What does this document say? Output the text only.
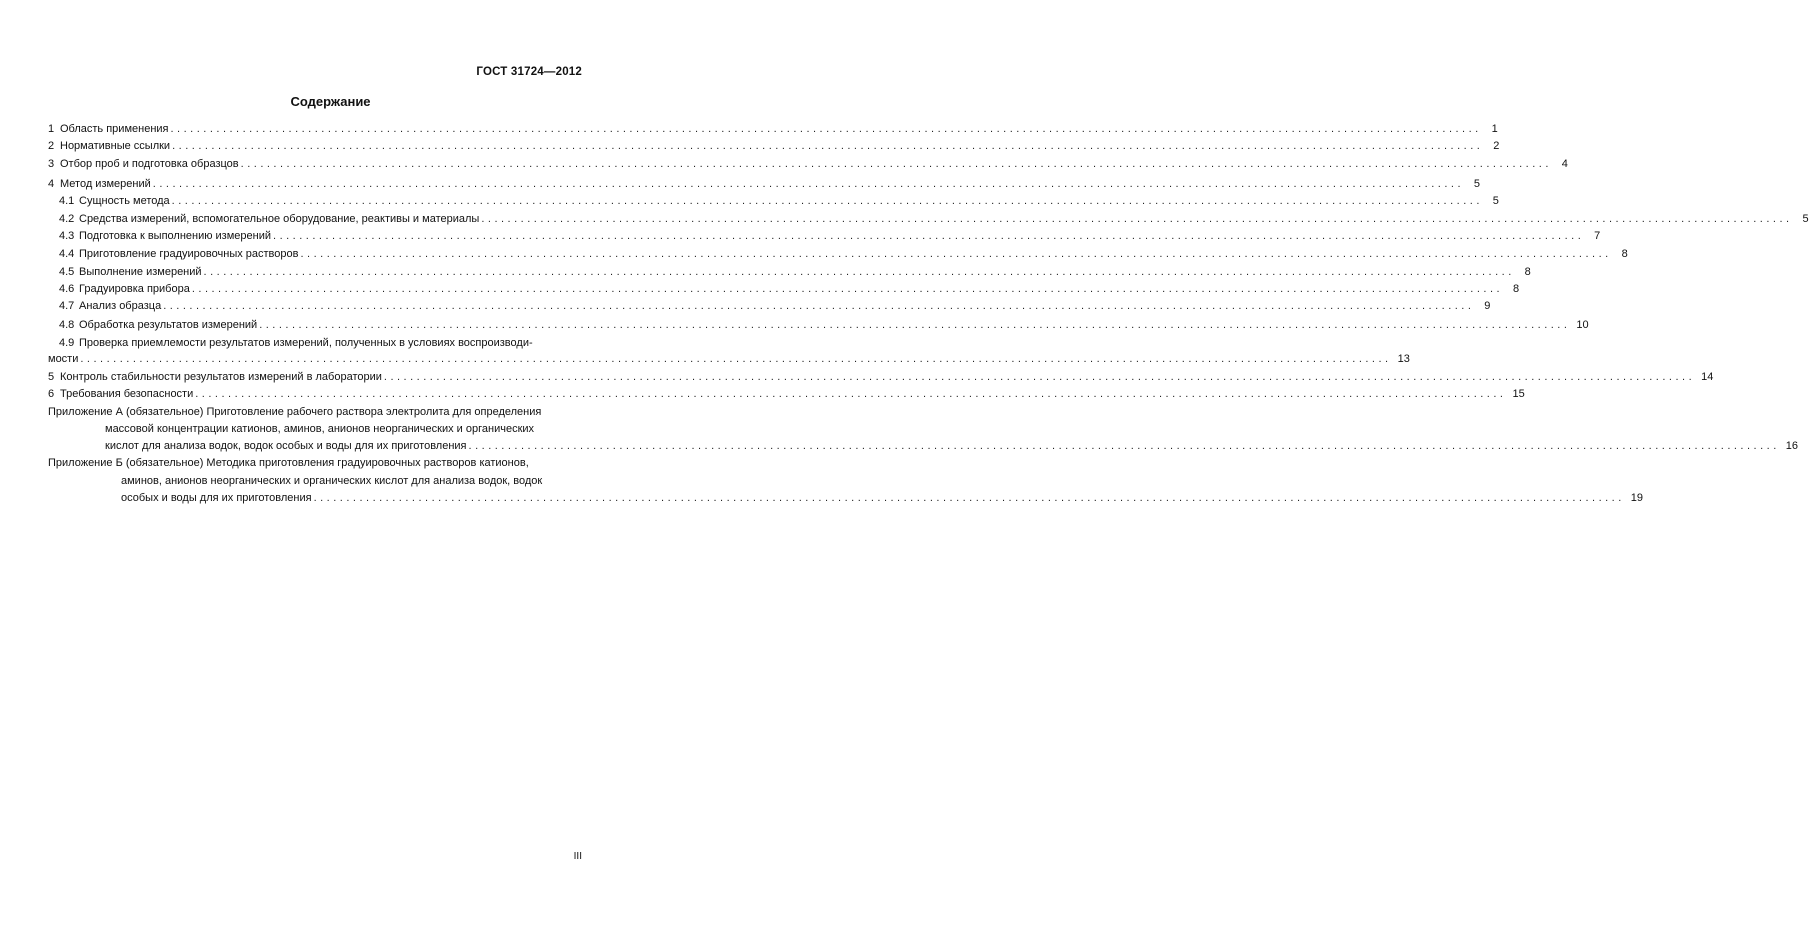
ГОСТ 31724—2012
Содержание
1 Область применения ........................................................................................................................................................................................................ 1
2 Нормативные ссылки ........................................................................................................................................................................................................ 2
3 Отбор проб и подготовка образцов ........................................................................................................................................................................................................ 4
4 Метод измерений ........................................................................................................................................................................................................ 5
4.1 Сущность метода ........................................................................................................................................................................................................ 5
4.2 Средства измерений, вспомогательное оборудование, реактивы и материалы ........................................................................................................................................................................................................ 5
4.3 Подготовка к выполнению измерений ........................................................................................................................................................................................................ 7
4.4 Приготовление градуировочных растворов ........................................................................................................................................................................................................ 8
4.5 Выполнение измерений ........................................................................................................................................................................................................ 8
4.6 Градуировка прибора ........................................................................................................................................................................................................ 8
4.7 Анализ образца ........................................................................................................................................................................................................ 9
4.8 Обработка результатов измерений ........................................................................................................................................................................................................ 10
4.9 Проверка приемлемости результатов измерений, полученных в условиях воспроизводи-
мости ........................................................................................................................................................................................................ 13
5 Контроль стабильности результатов измерений в лаборатории ........................................................................................................................................................................................................ 14
6 Требования безопасности ........................................................................................................................................................................................................ 15
Приложение А (обязательное) Приготовление рабочего раствора электролита для определения
массовой концентрации катионов, аминов, анионов неорганических и органических
кислот для анализа водок, водок особых и воды для их приготовления ........................................................................................................................................................................................................ 16
Приложение Б (обязательное) Методика приготовления градуировочных растворов катионов,
аминов, анионов неорганических и органических кислот для анализа водок, водок
особых и воды для их приготовления ........................................................................................................................................................................................................ 19
III
